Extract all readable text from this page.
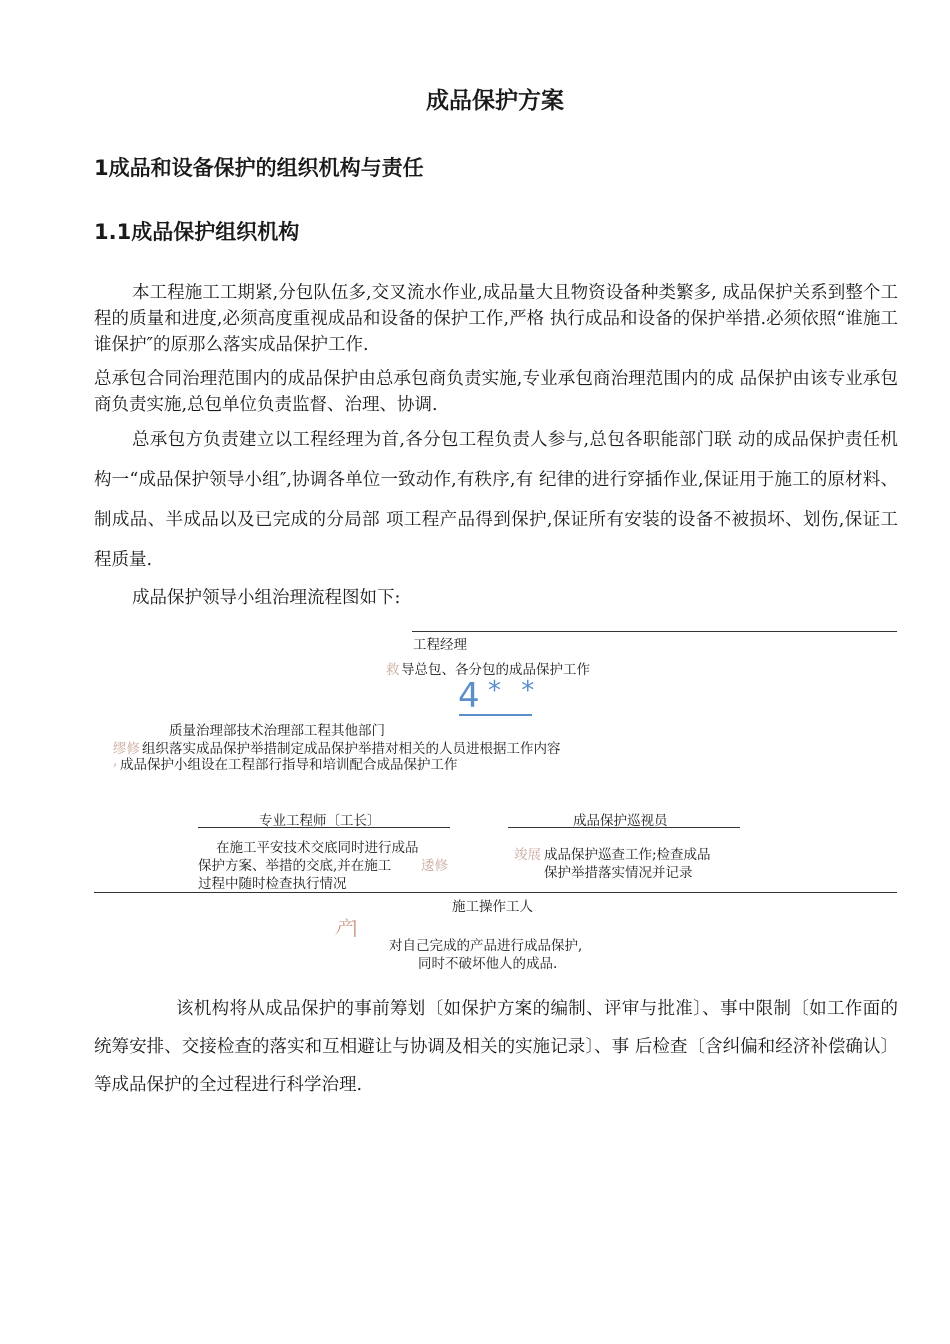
成品保护方案
1成品和设备保护的组织机构与责任
1.1成品保护组织机构

本工程施工工期紧,分包队伍多,交叉流水作业,成品量大且物资设备种类繁多, 成品保护关系到整个工程的质量和进度,必须高度重视成品和设备的保护工作,严格 执行成品和设备的保护举措.必须依照“谁施工谁保护″的原那么落实成品保护工作.

总承包合同治理范围内的成品保护由总承包商负责实施,专业承包商治理范围内的成 品保护由该专业承包商负责实施,总包单位负责监督、治理、协调.

总承包方负责建立以工程经理为首,各分包工程负责人参与,总包各职能部门联 动的成品保护责任机构一“成品保护领导小组″,协调各单位一致动作,有秩序,有 纪律的进行穿插作业,保证用于施工的原材料、制成品、半成品以及已完成的分局部 项工程产品得到保护,保证所有安装的设备不被损坏、划伤,保证工程质量.

成品保护领导小组治理流程图如下:

工程经理
救 导总包、各分包的成品保护工作
4 * *
质量治理部技术治理部工程其他部门
缪修 组织落实成品保护举措制定成品保护举措对相关的人员进根据工作内容
, 成品保护小组设在工程部行指导和培训配合成品保护工作
专业工程师〔工长〕
在施工平安技术交底同时进行成品
保护方案、举措的交底,并在施工 逶修
过程中随时检查执行情况
成品保护巡视员
竣展 成品保护巡查工作;检查成品
保护举措落实情况并记录
施工操作工人
产|
对自己完成的产品进行成品保护,
同时不破坏他人的成品.

该机构将从成品保护的事前筹划〔如保护方案的编制、评审与批准〕、事中限制〔如工作面的统筹安排、交接检查的落实和互相避让与协调及相关的实施记录〕、事 后检查〔含纠偏和经济补偿确认〕等成品保护的全过程进行科学治理.
